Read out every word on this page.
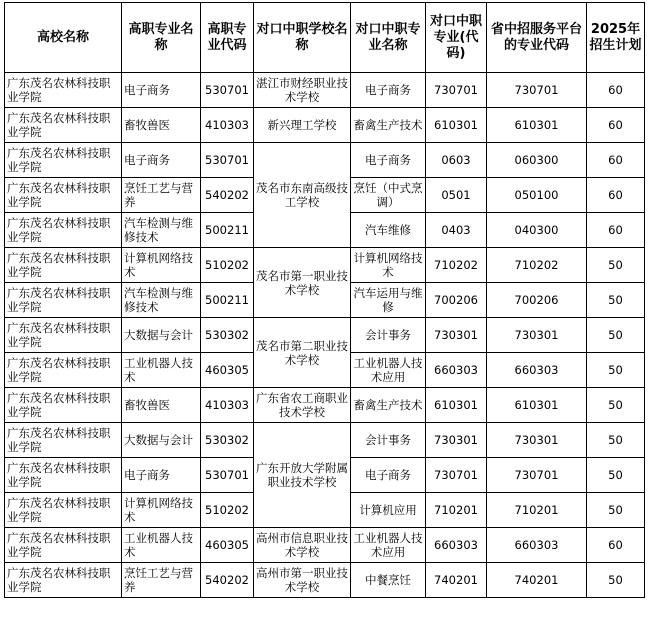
高校名称	高职专业名称	高职专业代码	对口中职学校名称	对口中职专业名称	对口中职专业(代码)	省中招服务平台的专业代码	2025年招生计划
广东茂名农林科技职业学院	电子商务	530701	湛江市财经职业技术学校	电子商务	730701	730701	60
广东茂名农林科技职业学院	畜牧兽医	410303	新兴理工学校	畜禽生产技术	610301	610301	60
广东茂名农林科技职业学院	电子商务	530701	茂名市东南高级技工学校	电子商务	0603	060300	60
广东茂名农林科技职业学院	烹饪工艺与营养	540202		烹饪（中式烹调）	0501	050100	60
广东茂名农林科技职业学院	汽车检测与维修技术	500211		汽车维修	0403	040300	60
广东茂名农林科技职业学院	计算机网络技术	510202	茂名市第一职业技术学校	计算机网络技术	710202	710202	50
广东茂名农林科技职业学院	汽车检测与维修技术	500211		汽车运用与维修	700206	700206	50
广东茂名农林科技职业学院	大数据与会计	530302	茂名市第二职业技术学校	会计事务	730301	730301	50
广东茂名农林科技职业学院	工业机器人技术	460305		工业机器人技术应用	660303	660303	50
广东茂名农林科技职业学院	畜牧兽医	410303	广东省农工商职业技术学校	畜禽生产技术	610301	610301	50
广东茂名农林科技职业学院	大数据与会计	530302	广东开放大学附属职业技术学校	会计事务	730301	730301	50
广东茂名农林科技职业学院	电子商务	530701		电子商务	730701	730701	50
广东茂名农林科技职业学院	计算机网络技术	510202		计算机应用	710201	710201	50
广东茂名农林科技职业学院	工业机器人技术	460305	高州市信息职业技术学校	工业机器人技术应用	660303	660303	60
广东茂名农林科技职业学院	烹饪工艺与营养	540202	高州市第一职业技术学校	中餐烹饪	740201	740201	50
